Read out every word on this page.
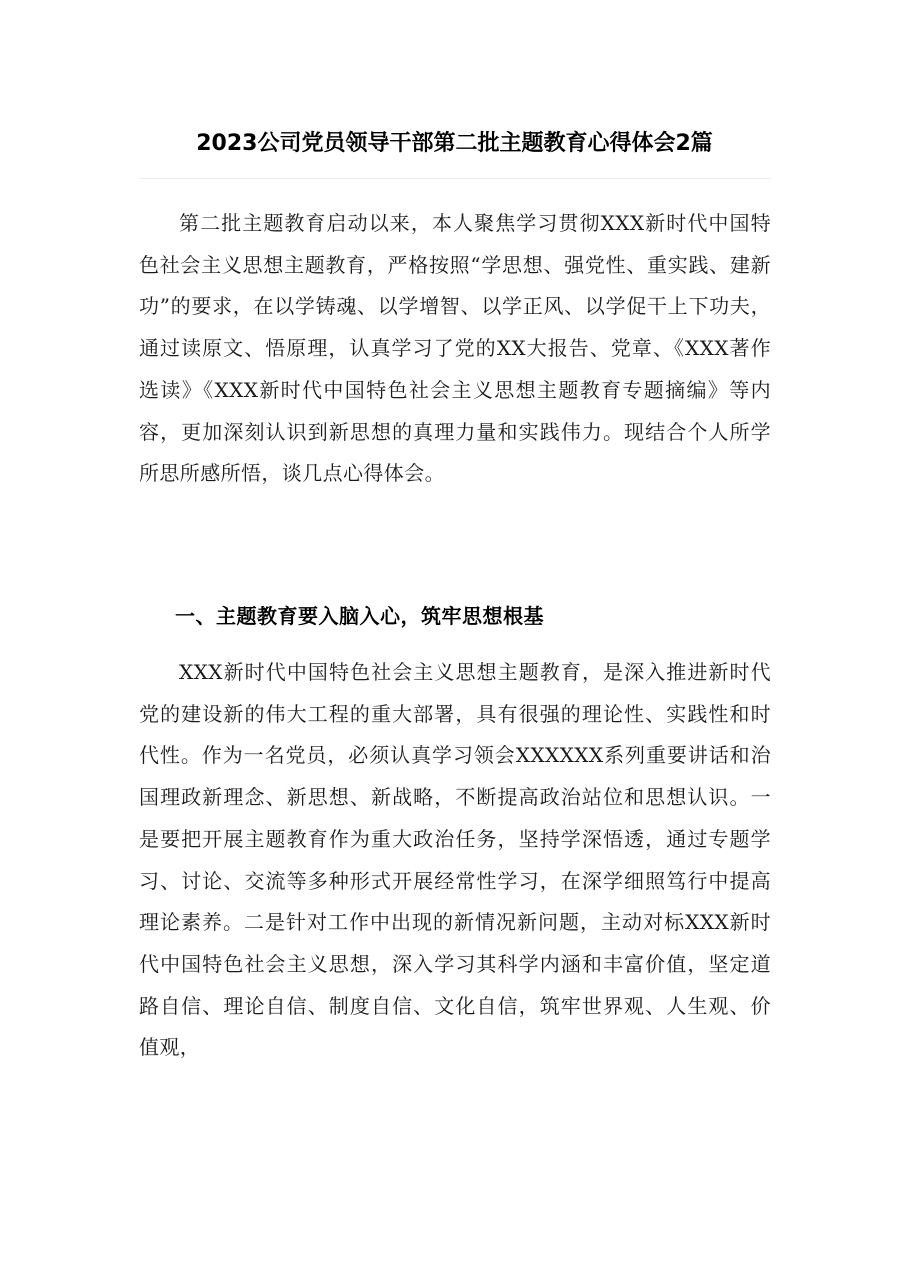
2023公司党员领导干部第二批主题教育心得体会2篇

第二批主题教育启动以来，本人聚焦学习贯彻XXX新时代中国特色社会主义思想主题教育，严格按照“学思想、强党性、重实践、建新功”的要求，在以学铸魂、以学增智、以学正风、以学促干上下功夫，通过读原文、悟原理，认真学习了党的XX大报告、党章、《XXX著作选读》《XXX新时代中国特色社会主义思想主题教育专题摘编》等内容，更加深刻认识到新思想的真理力量和实践伟力。现结合个人所学所思所感所悟，谈几点心得体会。

一、主题教育要入脑入心，筑牢思想根基

XXX新时代中国特色社会主义思想主题教育，是深入推进新时代党的建设新的伟大工程的重大部署，具有很强的理论性、实践性和时代性。作为一名党员，必须认真学习领会XXXXXX系列重要讲话和治国理政新理念、新思想、新战略，不断提高政治站位和思想认识。一是要把开展主题教育作为重大政治任务，坚持学深悟透，通过专题学习、讨论、交流等多种形式开展经常性学习，在深学细照笃行中提高理论素养。二是针对工作中出现的新情况新问题，主动对标XXX新时代中国特色社会主义思想，深入学习其科学内涵和丰富价值，坚定道路自信、理论自信、制度自信、文化自信，筑牢世界观、人生观、价值观，
